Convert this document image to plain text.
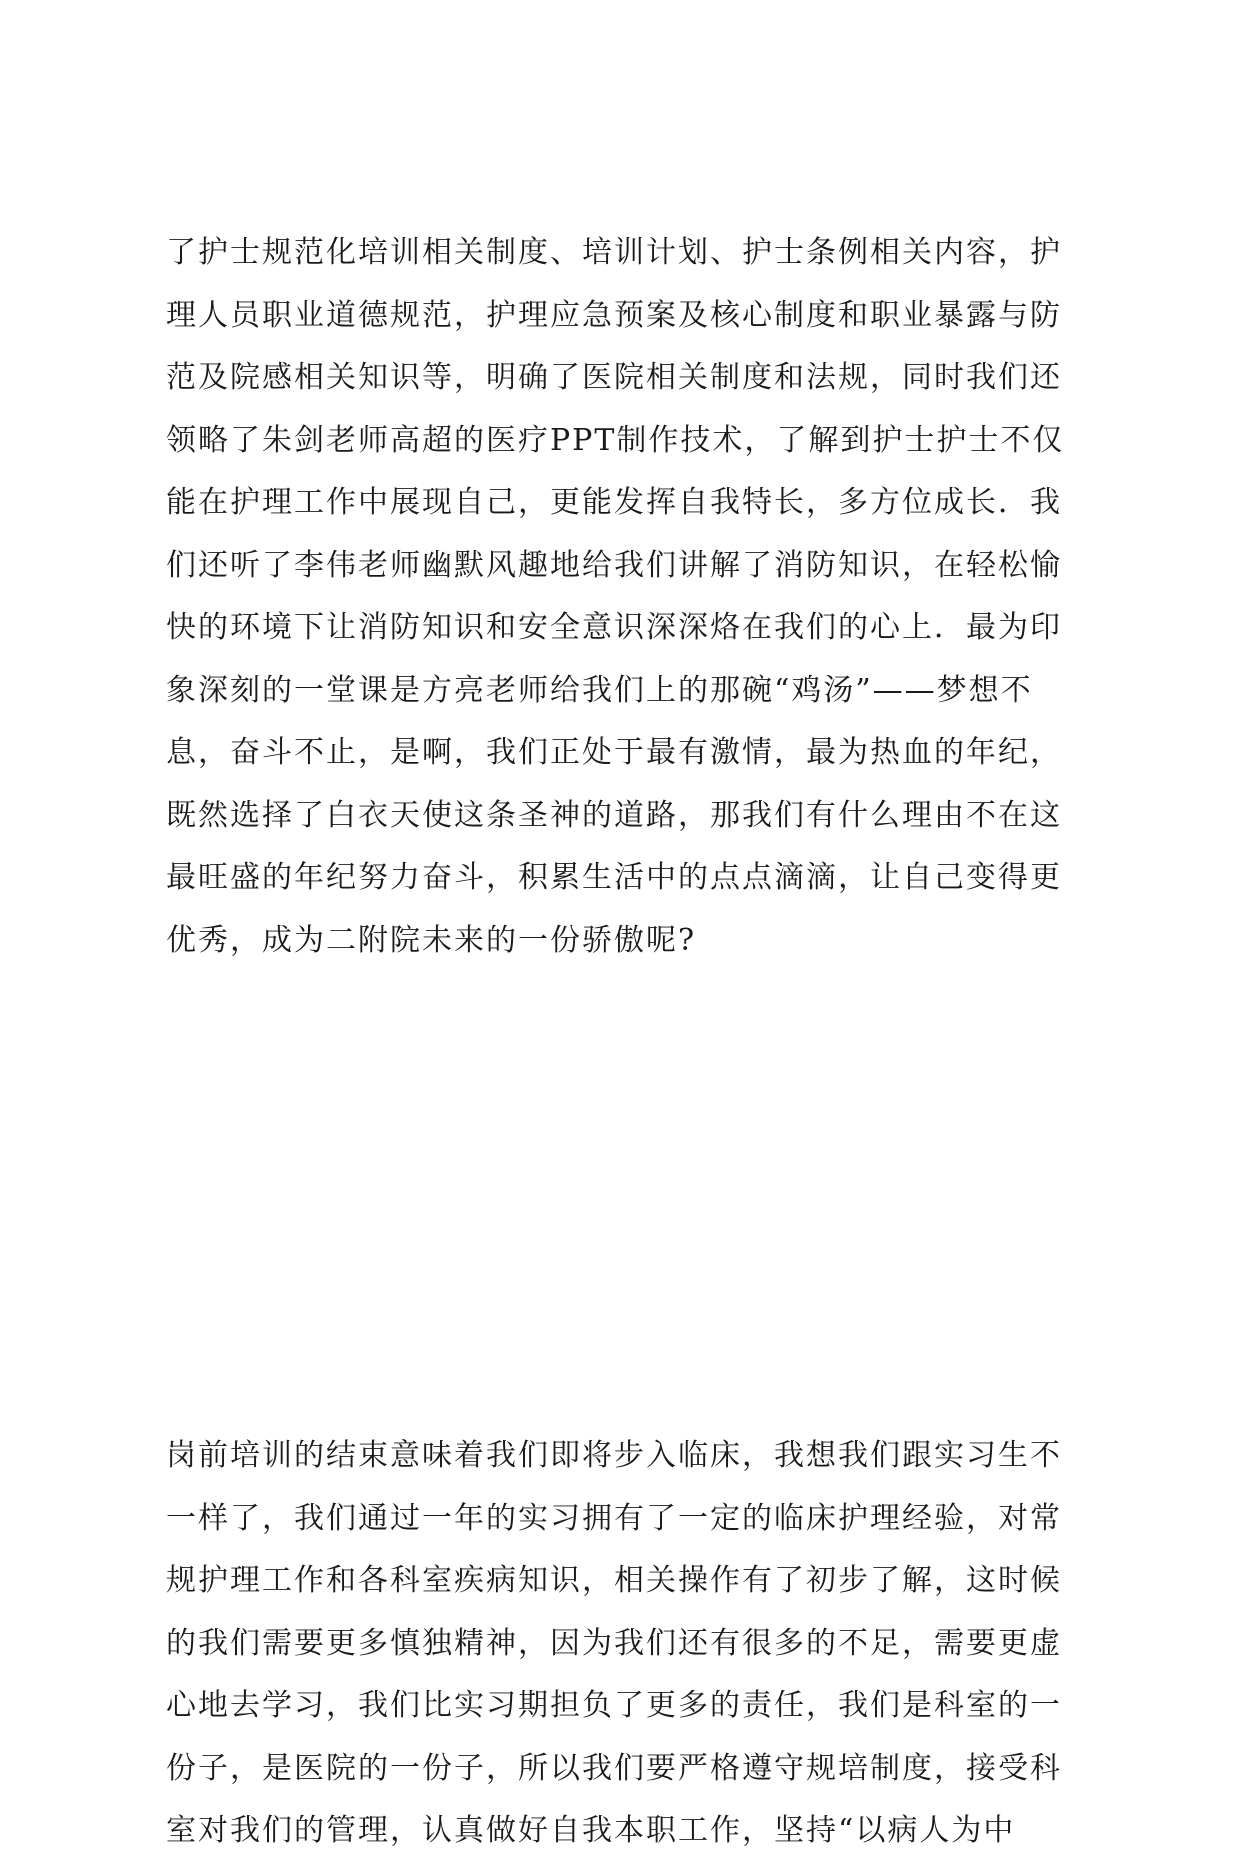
了护士规范化培训相关制度、培训计划、护士条例相关内容，护
理人员职业道德规范，护理应急预案及核心制度和职业暴露与防
范及院感相关知识等，明确了医院相关制度和法规，同时我们还
领略了朱剑老师高超的医疗PPT制作技术，了解到护士护士不仅
能在护理工作中展现自己，更能发挥自我特长，多方位成长．我
们还听了李伟老师幽默风趣地给我们讲解了消防知识，在轻松愉
快的环境下让消防知识和安全意识深深烙在我们的心上．最为印
象深刻的一堂课是方亮老师给我们上的那碗“鸡汤”——梦想不
息，奋斗不止，是啊，我们正处于最有激情，最为热血的年纪，
既然选择了白衣天使这条圣神的道路，那我们有什么理由不在这
最旺盛的年纪努力奋斗，积累生活中的点点滴滴，让自己变得更
优秀，成为二附院未来的一份骄傲呢?
岗前培训的结束意味着我们即将步入临床，我想我们跟实习生不
一样了，我们通过一年的实习拥有了一定的临床护理经验，对常
规护理工作和各科室疾病知识，相关操作有了初步了解，这时候
的我们需要更多慎独精神，因为我们还有很多的不足，需要更虚
心地去学习，我们比实习期担负了更多的责任，我们是科室的一
份子，是医院的一份子，所以我们要严格遵守规培制度，接受科
室对我们的管理，认真做好自我本职工作，坚持“以病人为中
